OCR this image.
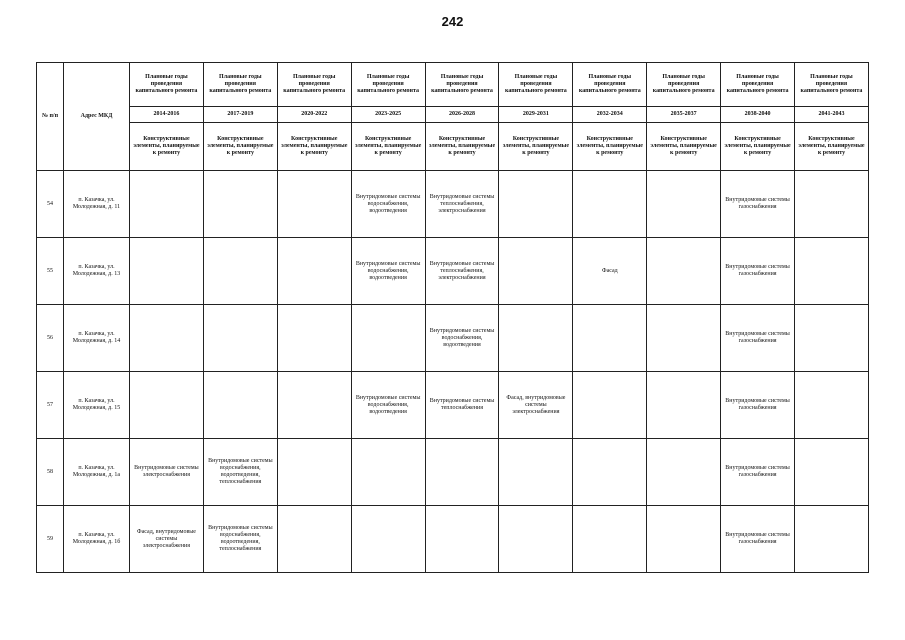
242
№ п/п	Адрес МКД	Плановые годы проведения капитального ремонта	Плановые годы проведения капитального ремонта	Плановые годы проведения капитального ремонта	Плановые годы проведения капитального ремонта	Плановые годы проведения капитального ремонта	Плановые годы проведения капитального ремонта	Плановые годы проведения капитального ремонта	Плановые годы проведения капитального ремонта	Плановые годы проведения капитального ремонта	Плановые годы проведения капитального ремонта
		2014-2016	2017-2019	2020-2022	2023-2025	2026-2028	2029-2031	2032-2034	2035-2037	2038-2040	2041-2043
		Конструктивные элементы, планируемые к ремонту	Конструктивные элементы, планируемые к ремонту	Конструктивные элементы, планируемые к ремонту	Конструктивные элементы, планируемые к ремонту	Конструктивные элементы, планируемые к ремонту	Конструктивные элементы, планируемые к ремонту	Конструктивные элементы, планируемые к ремонту	Конструктивные элементы, планируемые к ремонту	Конструктивные элементы, планируемые к ремонту	Конструктивные элементы, планируемые к ремонту
54	п. Казачка, ул. Молодежная, д. 11				Внутридомовые системы водоснабжения, водоотведения	Внутридомовые системы теплоснабжения, электроснабжения				Внутридомовые системы газоснабжения	
55	п. Казачка, ул. Молодежная, д. 13				Внутридомовые системы водоснабжения, водоотведения	Внутридомовые системы теплоснабжения, электроснабжения		Фасад		Внутридомовые системы газоснабжения	
56	п. Казачка, ул. Молодежная, д. 14					Внутридомовые системы водоснабжения, водоотведения				Внутридомовые системы газоснабжения	
57	п. Казачка, ул. Молодежная, д. 15				Внутридомовые системы водоснабжения, водоотведения	Внутридомовые системы теплоснабжения	Фасад, внутридомовые системы электроснабжения			Внутридомовые системы газоснабжения	
58	п. Казачка, ул. Молодежная, д. 1а	Внутридомовые системы электроснабжения	Внутридомовые системы водоснабжения, водоотведения, теплоснабжения							Внутридомовые системы газоснабжения	
59	п. Казачка, ул. Молодежная, д. 1б	Фасад, внутридомовые системы электроснабжения	Внутридомовые системы водоснабжения, водоотведения, теплоснабжения							Внутридомовые системы газоснабжения	
